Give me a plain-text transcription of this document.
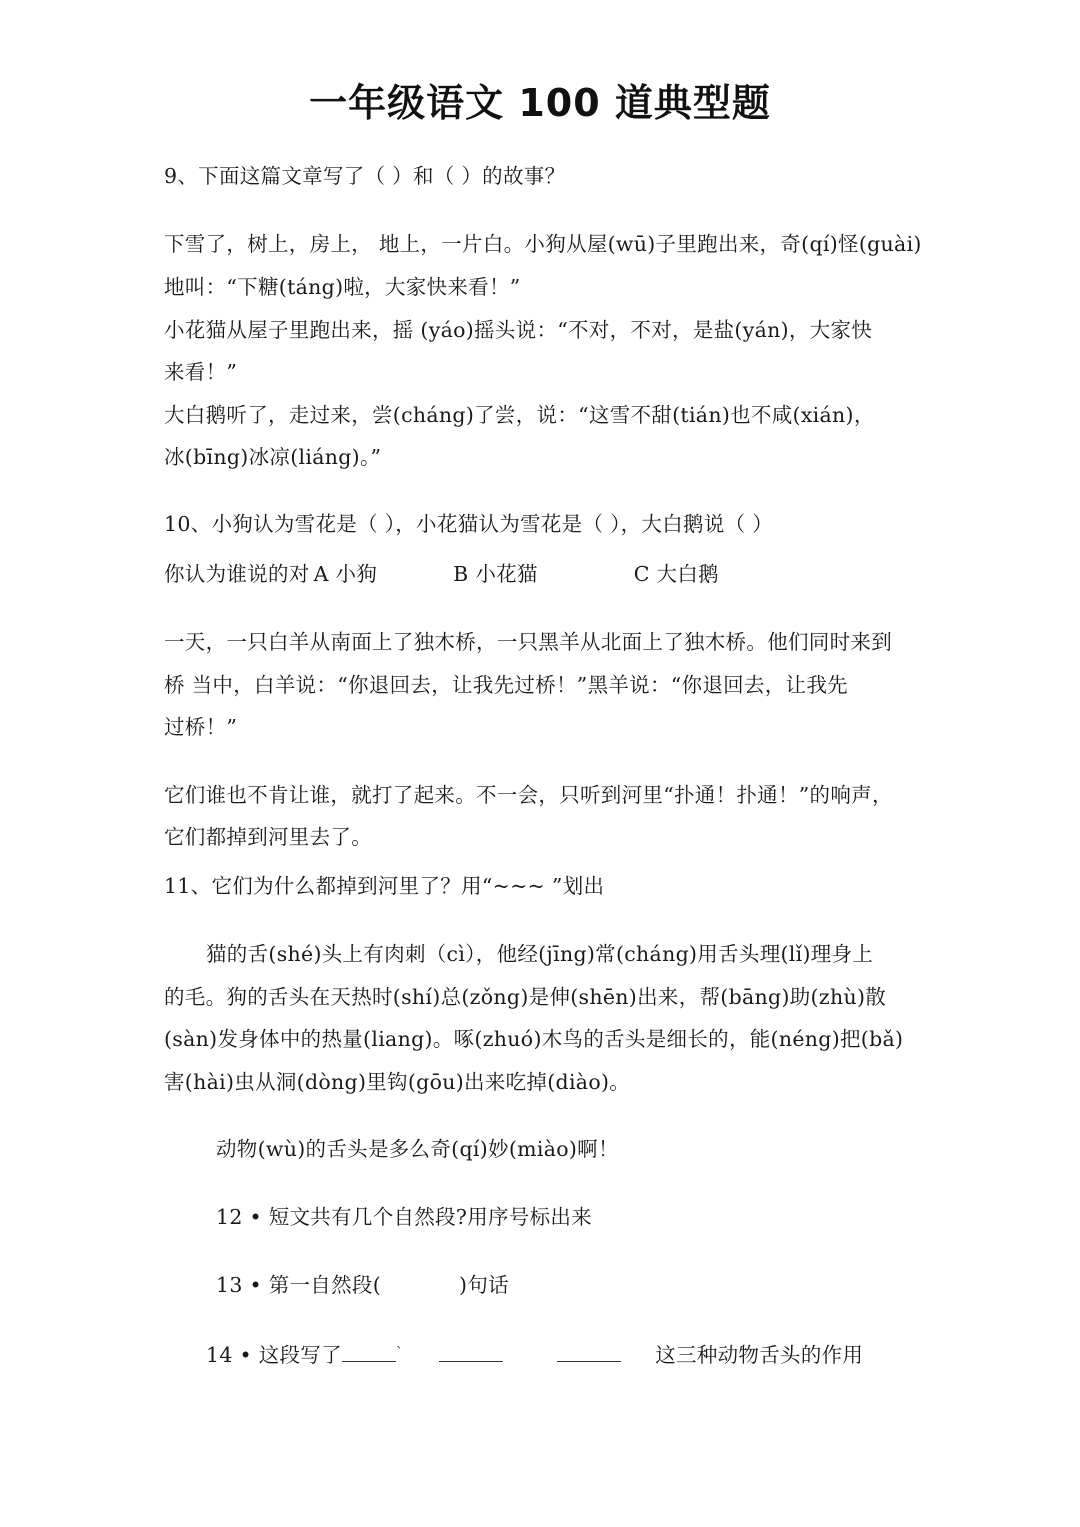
一年级语文 100 道典型题
9、下面这篇文章写了（ ）和（ ）的故事？
下雪了，树上，房上， 地上，一片白。小狗从屋(wū)子里跑出来，奇(qí)怪(guài)
地叫：“下糖(táng)啦，大家快来看！”
小花猫从屋子里跑出来，摇 (yáo)摇头说：“不对，不对，是盐(yán)，大家快
来看！”
大白鹅听了，走过来，尝(cháng)了尝，说：“这雪不甜(tián)也不咸(xián)，
冰(bīng)冰凉(liáng)。”
10、小狗认为雪花是（ ），小花猫认为雪花是（ ），大白鹅说（ ）
你认为谁说的对 A 小狗	B 小花猫	C 大白鹅
一天，一只白羊从南面上了独木桥，一只黑羊从北面上了独木桥。他们同时来到
桥 当中，白羊说：“你退回去，让我先过桥！”黑羊说：“你退回去，让我先
过桥！”
它们谁也不肯让谁，就打了起来。不一会，只听到河里“扑通！扑通！”的响声，
它们都掉到河里去了。
11、它们为什么都掉到河里了？用“~~~ ”划出
猫的舌(shé)头上有肉刺（cì），他经(jīng)常(cháng)用舌头理(lǐ)理身上
的毛。狗的舌头在天热时(shí)总(zǒng)是伸(shēn)出来，帮(bāng)助(zhù)散
(sàn)发身体中的热量(liang)。啄(zhuó)木鸟的舌头是细长的，能(néng)把(bǎ)
害(hài)虫从洞(dòng)里钩(gōu)出来吃掉(diào)。
动物(wù)的舌头是多么奇(qí)妙(miào)啊！
12 • 短文共有几个自然段?用序号标出来
13 • 第一自然段(	)句话
14 • 这段写了	`	这三种动物舌头的作用
